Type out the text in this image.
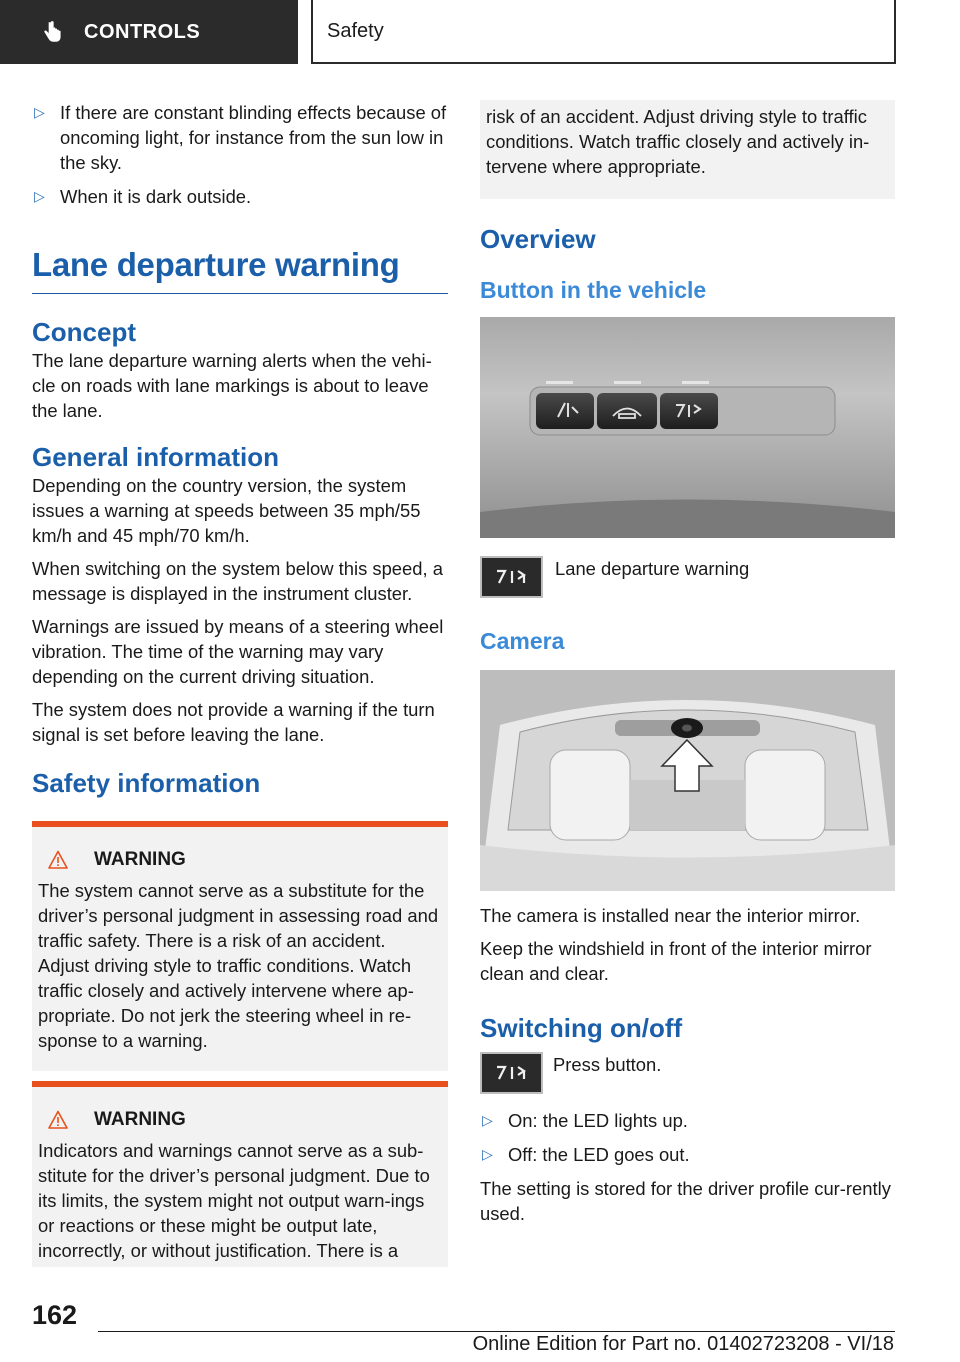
CONTROLS	Safety
▷ If there are constant blinding effects because of oncoming light, for instance from the sun low in the sky.
▷ When it is dark outside.
Lane departure warning
Concept

The lane departure warning alerts when the vehi‐cle on roads with lane markings is about to leave the lane.

General information

Depending on the country version, the system issues a warning at speeds between 35 mph/55 km/h and 45 mph/70 km/h.

When switching on the system below this speed, a message is displayed in the instrument cluster.

Warnings are issued by means of a steering wheel vibration. The time of the warning may vary depending on the current driving situation.

The system does not provide a warning if the turn signal is set before leaving the lane.

Safety information
WARNING

The system cannot serve as a substitute for the driver’s personal judgment in assessing road and traffic safety. There is a risk of an accident. Adjust driving style to traffic conditions. Watch traffic closely and actively intervene where ap‐propriate. Do not jerk the steering wheel in re‐sponse to a warning.

WARNING

Indicators and warnings cannot serve as a sub‐stitute for the driver’s personal judgment. Due to its limits, the system might not output warn‐ings or reactions or these might be output late, incorrectly, or without justification. There is a

risk of an accident. Adjust driving style to traffic conditions. Watch traffic closely and actively in‐tervene where appropriate.

Overview
Button in the vehicle
Lane departure warning
Camera

The camera is installed near the interior mirror.

Keep the windshield in front of the interior mirror clean and clear.

Switching on/off
Press button.
▷ On: the LED lights up.
▷ Off: the LED goes out.

The setting is stored for the driver profile cur‐rently used.

162
Online Edition for Part no. 01402723208 - VI/18
